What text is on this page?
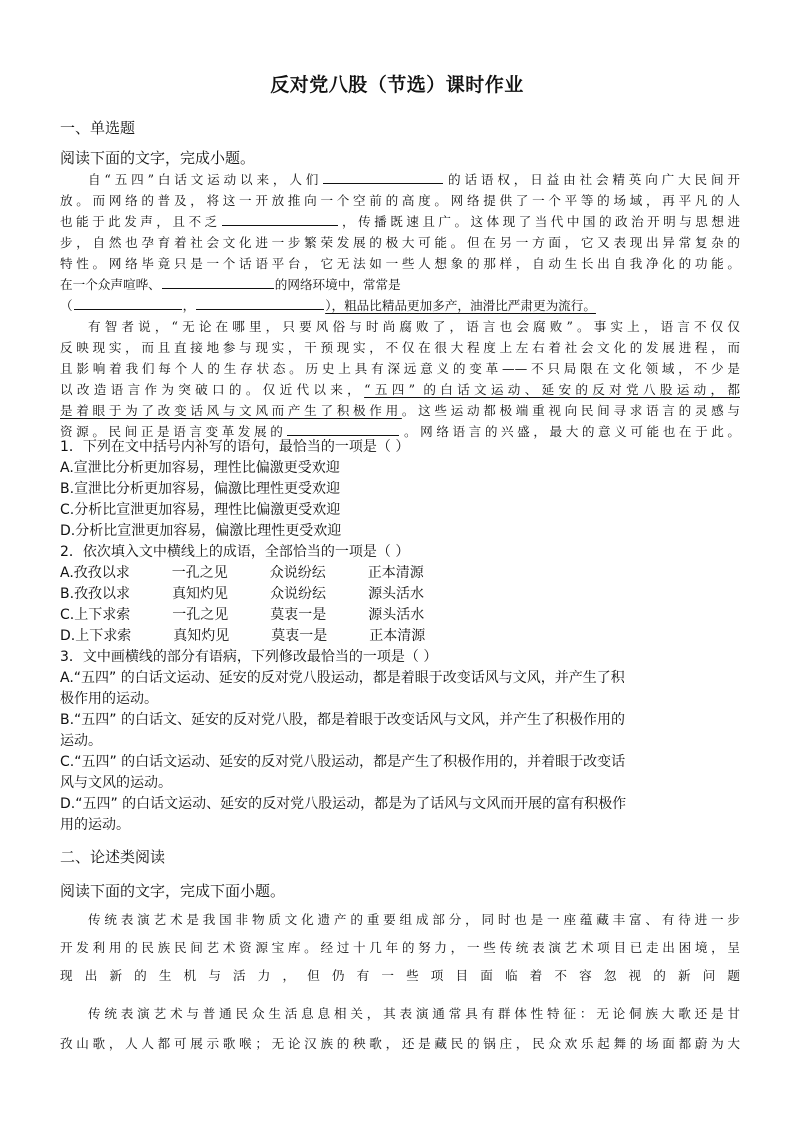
反对党八股（节选）课时作业
一、单选题
阅读下面的文字，完成小题。
自“五四”白话文运动以来，人们	的话语权，日益由社会精英向广大民间开
放。而网络的普及，将这一开放推向一个空前的高度。网络提供了一个平等的场域，再平凡的人
也能于此发声，且不乏	，传播既速且广。这体现了当代中国的政治开明与思想进
步，自然也孕育着社会文化进一步繁荣发展的极大可能。但在另一方面，它又表现出异常复杂的
特性。网络毕竟只是一个话语平台，它无法如一些人想象的那样，自动生长出自我净化的功能。
在一个众声喧哗、	的网络环境中，常常是
（	，	），粗品比精品更加多产，油滑比严肃更为流行。
有智者说，“无论在哪里，只要风俗与时尚腐败了，语言也会腐败”。事实上，语言不仅仅
反映现实，而且直接地参与现实，干预现实，不仅在很大程度上左右着社会文化的发展进程，而
且影响着我们每个人的生存状态。历史上具有深远意义的变革——不只局限在文化领域，不少是
以改造语言作为突破口的。仅近代以来，“五四” 的白话文运动、延安的反对党八股运动，都
是着眼于为了改变话风与文风而产生了积极作用。这些运动都极端重视向民间寻求语言的灵感与
资源。民间正是语言变革发展的	。网络语言的兴盛，最大的意义可能也在于此。
1．下列在文中括号内补写的语句，最恰当的一项是（ ）
A.宣泄比分析更加容易，理性比偏激更受欢迎
B.宣泄比分析更加容易，偏激比理性更受欢迎
C.分析比宣泄更加容易，理性比偏激更受欢迎
D.分析比宣泄更加容易，偏激比理性更受欢迎
2．依次填入文中横线上的成语，全部恰当的一项是（ ）
A.孜孜以求	一孔之见	众说纷纭	正本清源
B.孜孜以求	真知灼见	众说纷纭	源头活水
C.上下求索	一孔之见	莫衷一是	源头活水
D.上下求索	真知灼见	莫衷一是	正本清源
3．文中画横线的部分有语病，下列修改最恰当的一项是（ ）
A.“五四” 的白话文运动、延安的反对党八股运动，都是着眼于改变话风与文风，并产生了积
极作用的运动。
B.“五四” 的白话文、延安的反对党八股，都是着眼于改变话风与文风，并产生了积极作用的
运动。
C.“五四” 的白话文运动、延安的反对党八股运动，都是产生了积极作用的，并着眼于改变话
风与文风的运动。
D.“五四” 的白话文运动、延安的反对党八股运动，都是为了话风与文风而开展的富有积极作
用的运动。
二、论述类阅读
阅读下面的文字，完成下面小题。
传统表演艺术是我国非物质文化遗产的重要组成部分，同时也是一座蕴藏丰富、有待进一步
开发利用的民族民间艺术资源宝库。经过十几年的努力，一些传统表演艺术项目已走出困境，呈
现出新的生机与活力，但仍有一些项目面临着不容忽视的新问题
传统表演艺术与普通民众生活息息相关，其表演通常具有群体性特征：无论侗族大歌还是甘
孜山歌，人人都可展示歌喉；无论汉族的秧歌，还是藏民的锅庄，民众欢乐起舞的场面都蔚为大
